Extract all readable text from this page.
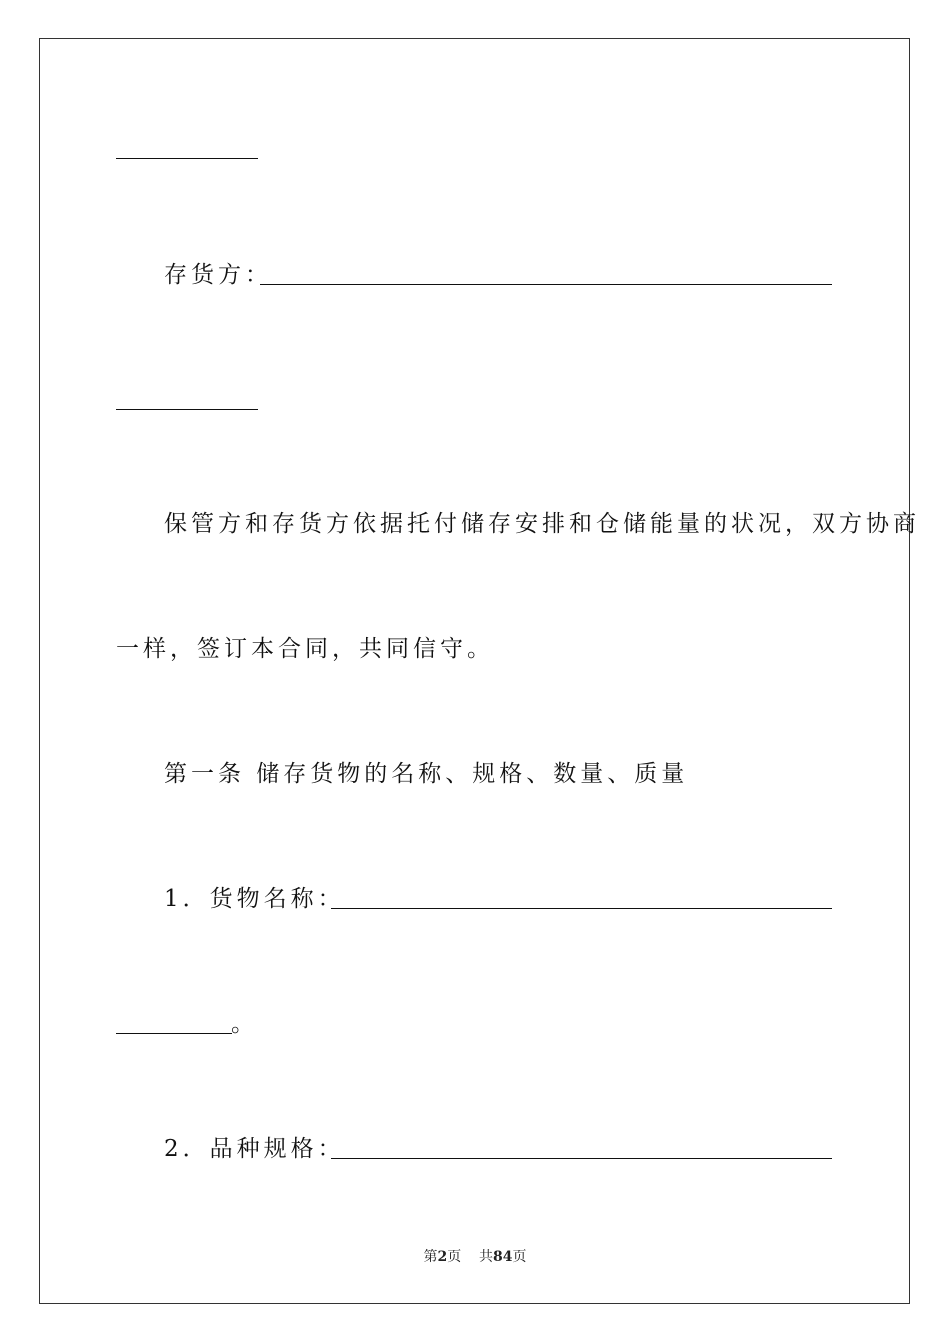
存货方：
保管方和存货方依据托付储存安排和仓储能量的状况，双方协商
一样，签订本合同，共同信守。
第一条 储存货物的名称、规格、数量、质量
1．货物名称：
。
2．品种规格：
第2页 共84页
